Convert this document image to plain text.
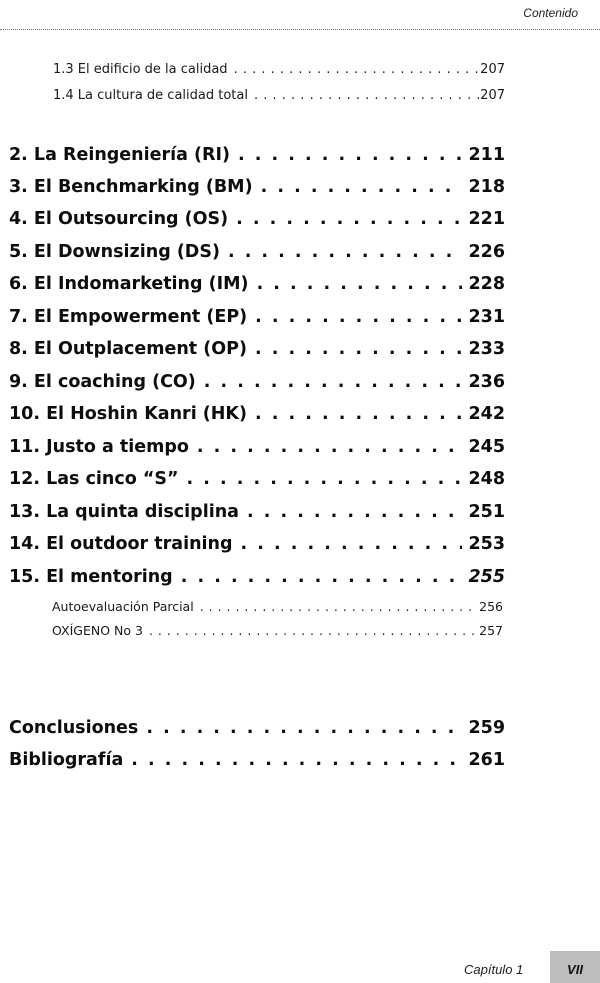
Contenido
1.3 El edificio de la calidad . . .	207
1.4 La cultura de calidad total . . .	207
2. La Reingeniería (RI) . . .	211
3. El Benchmarking (BM) . . .	218
4. El Outsourcing (OS) . . .	221
5. El Downsizing (DS) . . .	226
6. El Indomarketing (IM) . . .	228
7. El Empowerment (EP) . . .	231
8. El Outplacement (OP) . . .	233
9. El coaching (CO) . . .	236
10. El Hoshin Kanri (HK) . . .	242
11. Justo a tiempo . . .	245
12. Las cinco “S” . . .	248
13. La quinta disciplina . . .	251
14. El outdoor training . . .	253
15. El mentoring . . .	255
Autoevaluación Parcial . . .	256
OXÍGENO No 3 . . .	257
Conclusiones . . .	259
Bibliografía . . .	261
Capítulo 1	VII
